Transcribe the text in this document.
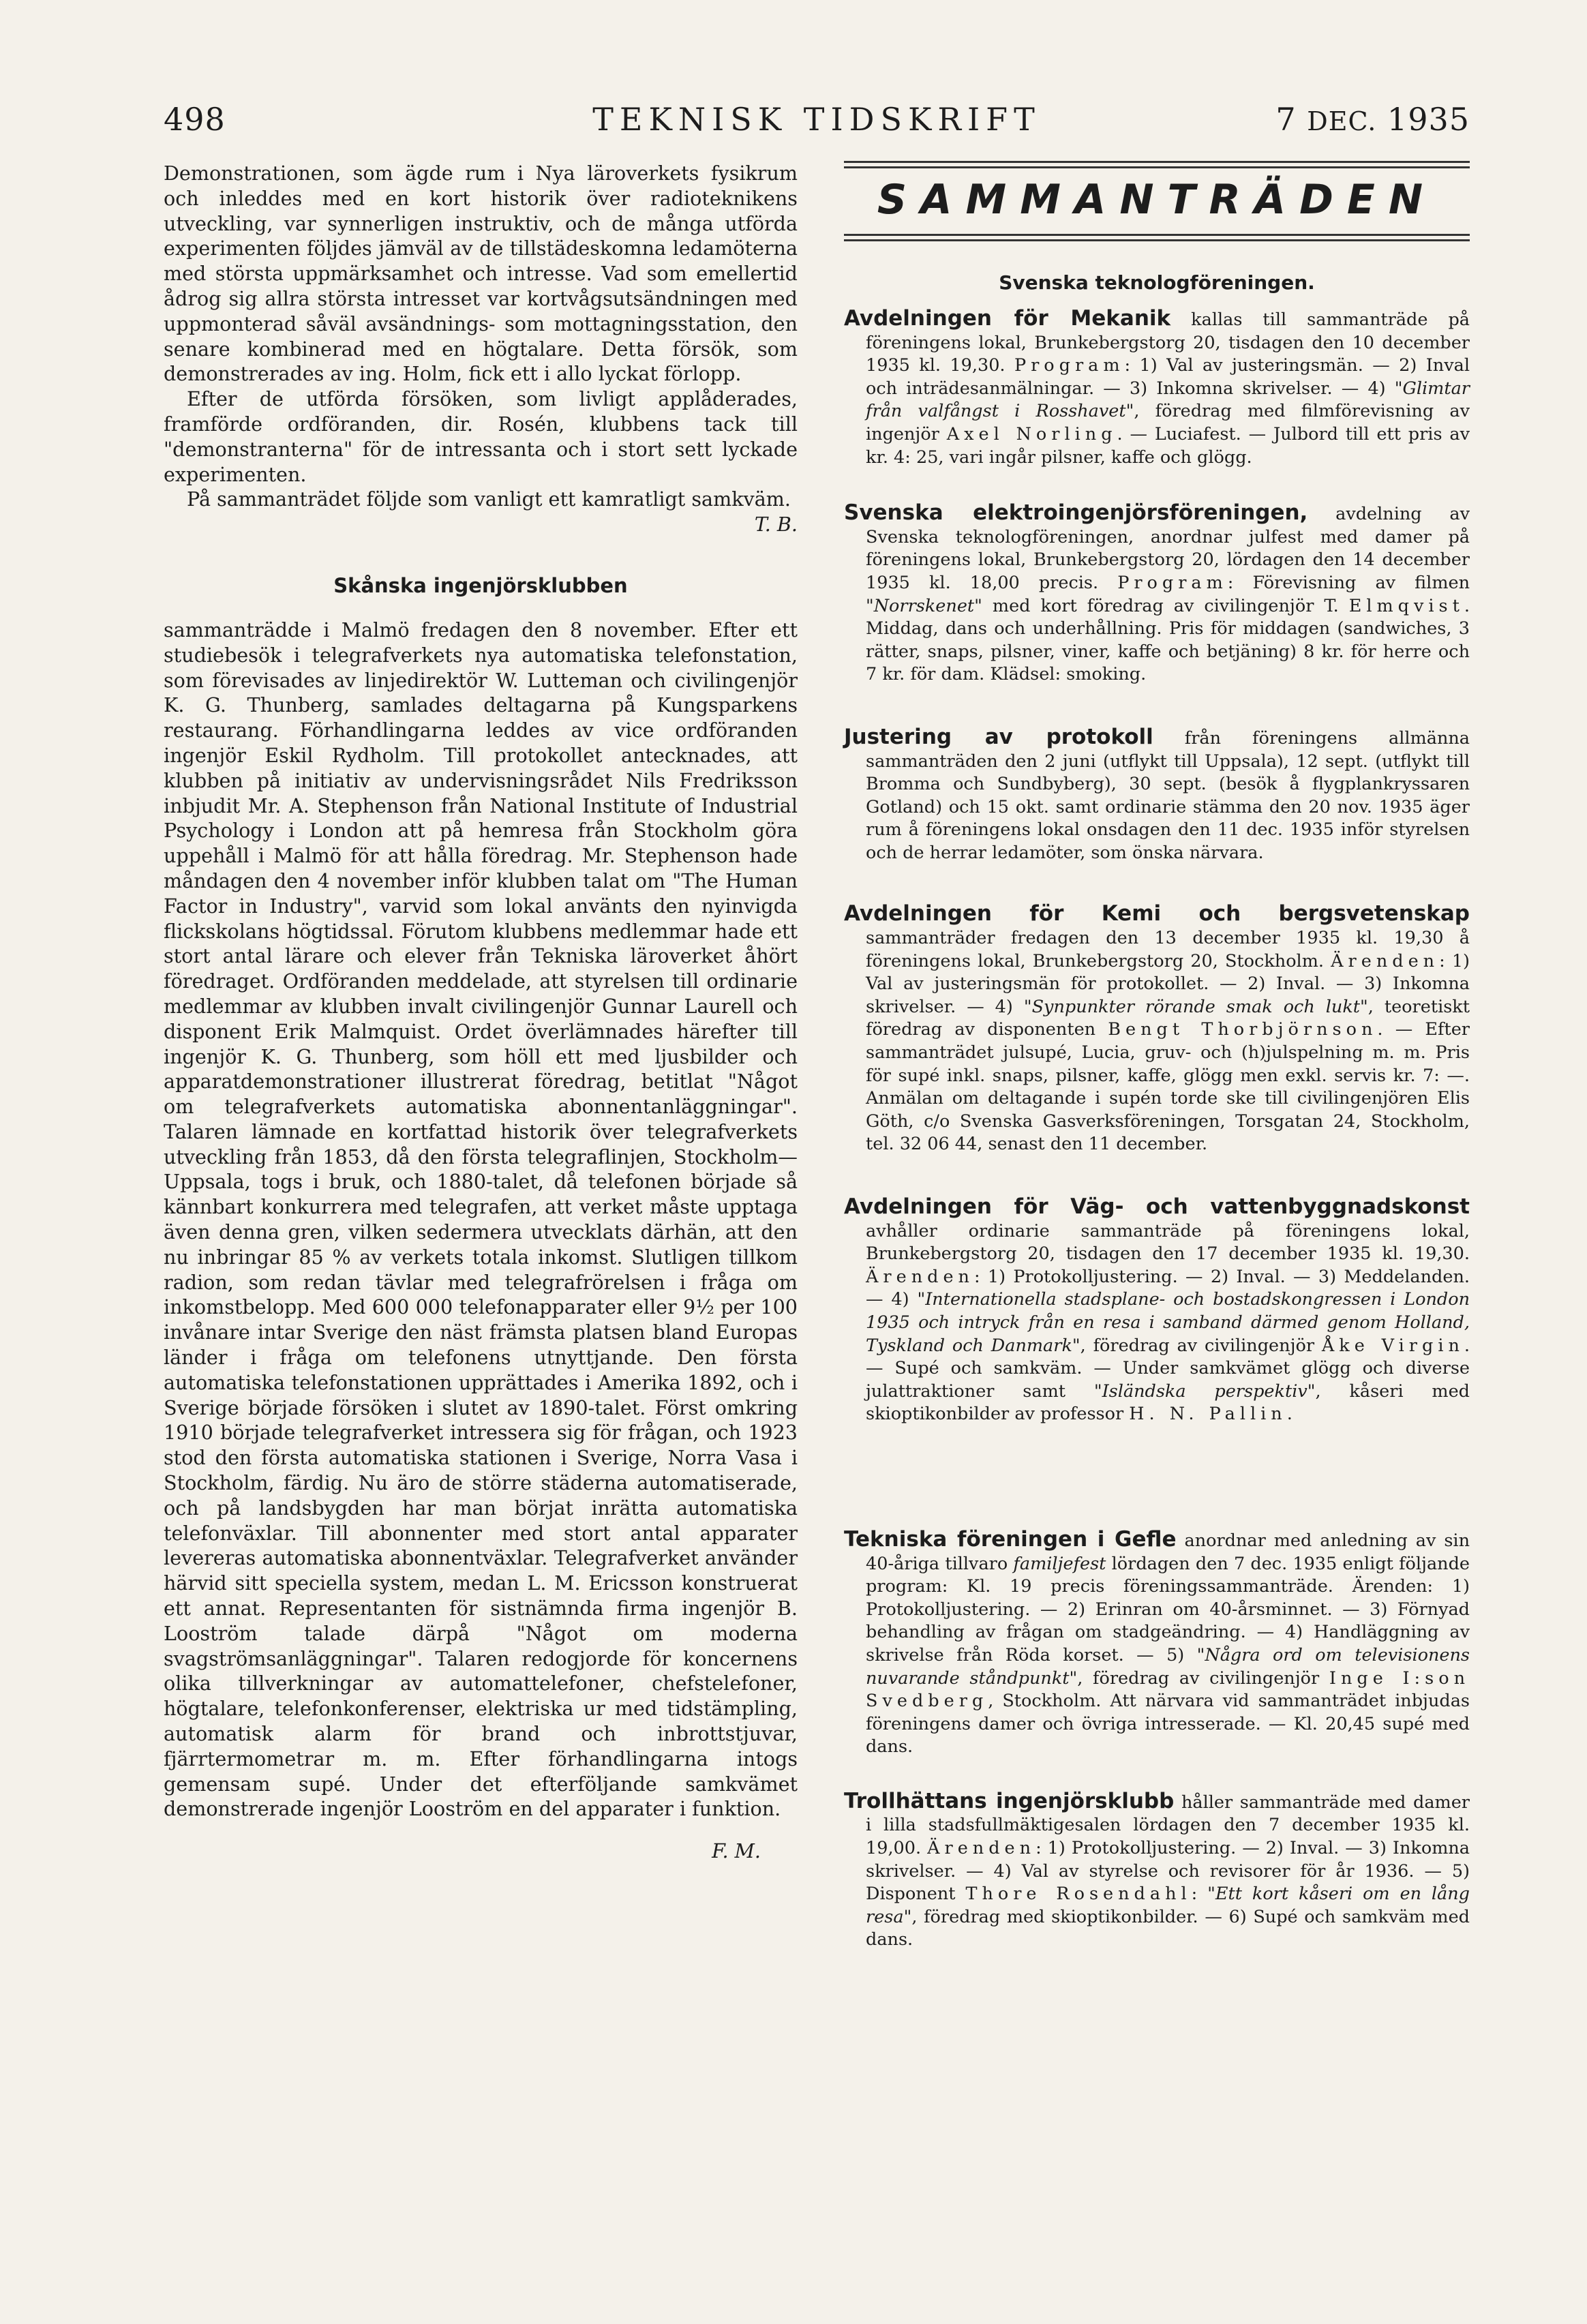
498	TEKNISK TIDSKRIFT	7 DEC. 1935

Demonstrationen, som ägde rum i Nya läroverkets fysikrum och inleddes med en kort historik över radioteknikens utveckling, var synnerligen instruktiv, och de många utförda experimenten följdes jämväl av de tillstädeskomna ledamöterna med största uppmärksamhet och intresse. Vad som emellertid ådrog sig allra största intresset var kortvågsutsändningen med uppmonterad såväl avsändnings- som mottagningsstation, den senare kombinerad med en högtalare. Detta försök, som demonstrerades av ing. Holm, fick ett i allo lyckat förlopp.

Efter de utförda försöken, som livligt applåderades, framförde ordföranden, dir. Rosén, klubbens tack till "demonstranterna" för de intressanta och i stort sett lyckade experimenten.

På sammanträdet följde som vanligt ett kamratligt samkväm.

T. B.

Skånska ingenjörsklubben

sammanträdde i Malmö fredagen den 8 november. Efter ett studiebesök i telegrafverkets nya automatiska telefonstation, som förevisades av linjedirektör W. Lutteman och civilingenjör K. G. Thunberg, samlades deltagarna på Kungsparkens restaurang. Förhandlingarna leddes av vice ordföranden ingenjör Eskil Rydholm. Till protokollet antecknades, att klubben på initiativ av undervisningsrådet Nils Fredriksson inbjudit Mr. A. Stephenson från National Institute of Industrial Psychology i London att på hemresa från Stockholm göra uppehåll i Malmö för att hålla föredrag. Mr. Stephenson hade måndagen den 4 november inför klubben talat om "The Human Factor in Industry", varvid som lokal använts den nyinvigda flickskolans högtidssal. Förutom klubbens medlemmar hade ett stort antal lärare och elever från Tekniska läroverket åhört föredraget. Ordföranden meddelade, att styrelsen till ordinarie medlemmar av klubben invalt civilingenjör Gunnar Laurell och disponent Erik Malmquist. Ordet överlämnades härefter till ingenjör K. G. Thunberg, som höll ett med ljusbilder och apparatdemonstrationer illustrerat föredrag, betitlat "Något om telegrafverkets automatiska abonnentanläggningar". Talaren lämnade en kortfattad historik över telegrafverkets utveckling från 1853, då den första telegraflinjen, Stockholm—Uppsala, togs i bruk, och 1880-talet, då telefonen började så kännbart konkurrera med telegrafen, att verket måste upptaga även denna gren, vilken sedermera utvecklats därhän, att den nu inbringar 85 % av verkets totala inkomst. Slutligen tillkom radion, som redan tävlar med telegrafrörelsen i fråga om inkomstbelopp. Med 600 000 telefonapparater eller 9½ per 100 invånare intar Sverige den näst främsta platsen bland Europas länder i fråga om telefonens utnyttjande. Den första automatiska telefonstationen upprättades i Amerika 1892, och i Sverige började försöken i slutet av 1890-talet. Först omkring 1910 började telegrafverket intressera sig för frågan, och 1923 stod den första automatiska stationen i Sverige, Norra Vasa i Stockholm, färdig. Nu äro de större städerna automatiserade, och på landsbygden har man börjat inrätta automatiska telefonväxlar. Till abonnenter med stort antal apparater levereras automatiska abonnentväxlar. Telegrafverket använder härvid sitt speciella system, medan L. M. Ericsson konstruerat ett annat. Representanten för sistnämnda firma ingenjör B. Looström talade därpå "Något om moderna svagströmsanläggningar". Talaren redogjorde för koncernens olika tillverkningar av automattelefoner, chefstelefoner, högtalare, telefonkonferenser, elektriska ur med tidstämpling, automatisk alarm för brand och inbrottstjuvar, fjärrtermometrar m. m. Efter förhandlingarna intogs gemensam supé. Under det efterföljande samkvämet demonstrerade ingenjör Looström en del apparater i funktion.

F. M.
SAMMANTRÄDEN
Svenska teknologföreningen.
Avdelningen för Mekanik kallas till sammanträde på föreningens lokal, Brunkebergstorg 20, tisdagen den 10 december 1935 kl. 19,30. Program: 1) Val av justeringsmän. — 2) Inval och inträdesanmälningar. — 3) Inkomna skrivelser. — 4) "Glimtar från valfångst i Rosshavet", föredrag med filmförevisning av ingenjör Axel Norling. — Luciafest. — Julbord till ett pris av kr. 4: 25, vari ingår pilsner, kaffe och glögg.
Svenska elektroingenjörsföreningen, avdelning av Svenska teknologföreningen, anordnar julfest med damer på föreningens lokal, Brunkebergstorg 20, lördagen den 14 december 1935 kl. 18,00 precis. Program: Förevisning av filmen "Norrskenet" med kort föredrag av civilingenjör T. Elmqvist. Middag, dans och underhållning. Pris för middagen (sandwiches, 3 rätter, snaps, pilsner, viner, kaffe och betjäning) 8 kr. för herre och 7 kr. för dam. Klädsel: smoking.
Justering av protokoll från föreningens allmänna sammanträden den 2 juni (utflykt till Uppsala), 12 sept. (utflykt till Bromma och Sundbyberg), 30 sept. (besök å flygplankryssaren Gotland) och 15 okt. samt ordinarie stämma den 20 nov. 1935 äger rum å föreningens lokal onsdagen den 11 dec. 1935 inför styrelsen och de herrar ledamöter, som önska närvara.
Avdelningen för Kemi och bergsvetenskap sammanträder fredagen den 13 december 1935 kl. 19,30 å föreningens lokal, Brunkebergstorg 20, Stockholm. Ärenden: 1) Val av justeringsmän för protokollet. — 2) Inval. — 3) Inkomna skrivelser. — 4) "Synpunkter rörande smak och lukt", teoretiskt föredrag av disponenten Bengt Thorbjörnson. — Efter sammanträdet julsupé, Lucia, gruv- och (h)julspelning m. m. Pris för supé inkl. snaps, pilsner, kaffe, glögg men exkl. servis kr. 7: —. Anmälan om deltagande i supén torde ske till civilingenjören Elis Göth, c/o Svenska Gasverksföreningen, Torsgatan 24, Stockholm, tel. 32 06 44, senast den 11 december.
Avdelningen för Väg- och vattenbyggnadskonst avhåller ordinarie sammanträde på föreningens lokal, Brunkebergstorg 20, tisdagen den 17 december 1935 kl. 19,30. Ärenden: 1) Protokolljustering. — 2) Inval. — 3) Meddelanden. — 4) "Internationella stadsplane- och bostadskongressen i London 1935 och intryck från en resa i samband därmed genom Holland, Tyskland och Danmark", föredrag av civilingenjör Åke Virgin. — Supé och samkväm. — Under samkvämet glögg och diverse julattraktioner samt "Isländska perspektiv", kåseri med skioptikonbilder av professor H. N. Pallin.
Tekniska föreningen i Gefle anordnar med anledning av sin 40-åriga tillvaro familjefest lördagen den 7 dec. 1935 enligt följande program: Kl. 19 precis föreningssammanträde. Ärenden: 1) Protokolljustering. — 2) Erinran om 40-årsminnet. — 3) Förnyad behandling av frågan om stadgeändring. — 4) Handläggning av skrivelse från Röda korset. — 5) "Några ord om televisionens nuvarande ståndpunkt", föredrag av civilingenjör Inge I:son Svedberg, Stockholm. Att närvara vid sammanträdet inbjudas föreningens damer och övriga intresserade. — Kl. 20,45 supé med dans.
Trollhättans ingenjörsklubb håller sammanträde med damer i lilla stadsfullmäktigesalen lördagen den 7 december 1935 kl. 19,00. Ärenden: 1) Protokolljustering. — 2) Inval. — 3) Inkomna skrivelser. — 4) Val av styrelse och revisorer för år 1936. — 5) Disponent Thore Rosendahl: "Ett kort kåseri om en lång resa", föredrag med skioptikonbilder. — 6) Supé och samkväm med dans.
